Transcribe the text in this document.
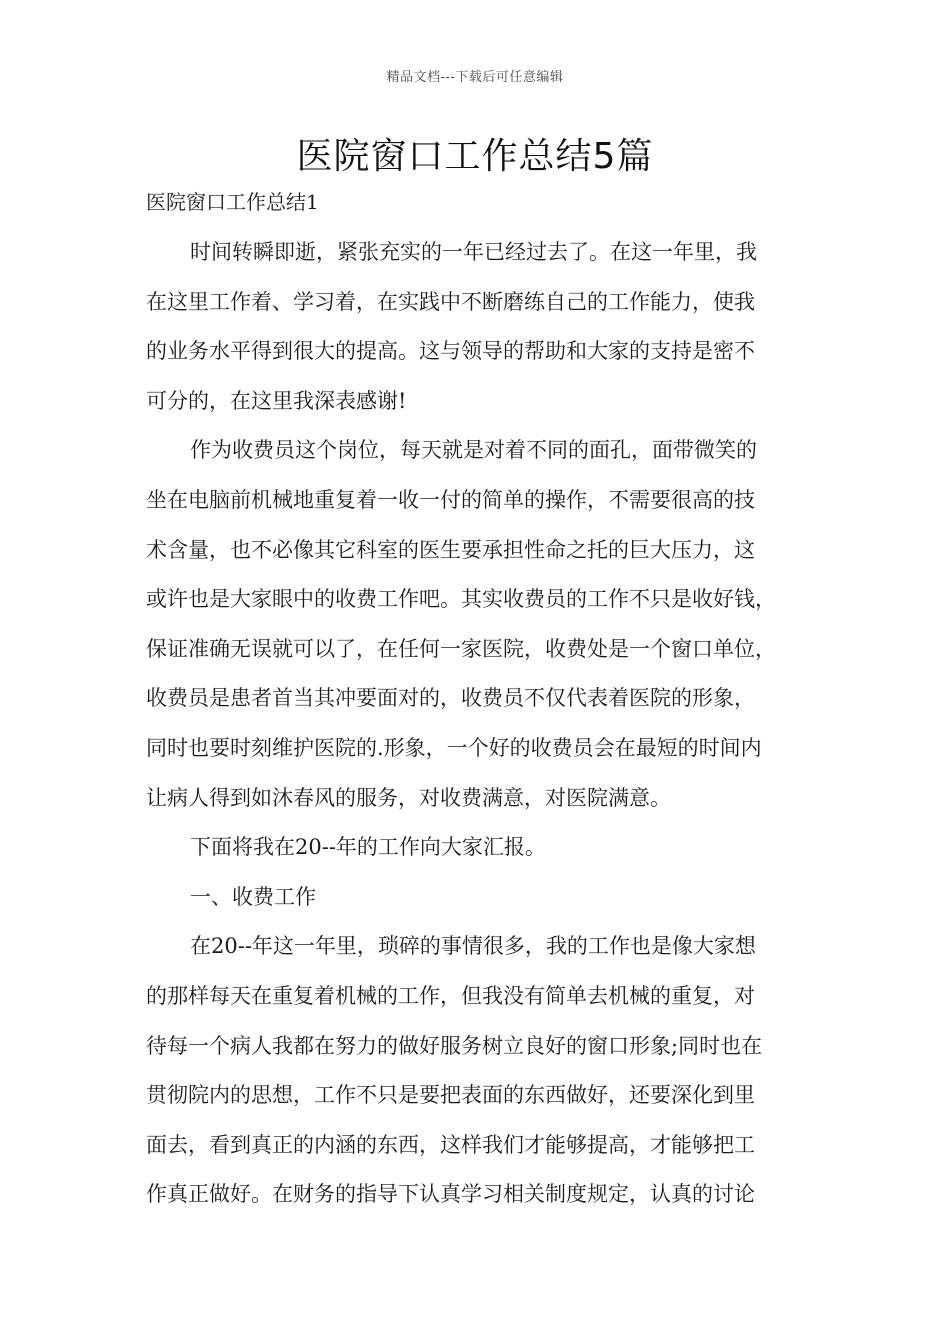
精品文档---下载后可任意编辑
医院窗口工作总结5篇
医院窗口工作总结1

时间转瞬即逝，紧张充实的一年已经过去了。在这一年里，我
在这里工作着、学习着，在实践中不断磨练自己的工作能力，使我
的业务水平得到很大的提高。这与领导的帮助和大家的支持是密不
可分的，在这里我深表感谢!
作为收费员这个岗位，每天就是对着不同的面孔，面带微笑的
坐在电脑前机械地重复着一收一付的简单的操作，不需要很高的技
术含量，也不必像其它科室的医生要承担性命之托的巨大压力，这
或许也是大家眼中的收费工作吧。其实收费员的工作不只是收好钱，
保证准确无误就可以了，在任何一家医院，收费处是一个窗口单位，
收费员是患者首当其冲要面对的，收费员不仅代表着医院的形象，
同时也要时刻维护医院的.形象，一个好的收费员会在最短的时间内
让病人得到如沐春风的服务，对收费满意，对医院满意。
下面将我在20--年的工作向大家汇报。
一、收费工作
在20--年这一年里，琐碎的事情很多，我的工作也是像大家想
的那样每天在重复着机械的工作，但我没有简单去机械的重复，对
待每一个病人我都在努力的做好服务树立良好的窗口形象;同时也在
贯彻院内的思想，工作不只是要把表面的东西做好，还要深化到里
面去，看到真正的内涵的东西，这样我们才能够提高，才能够把工
作真正做好。在财务的指导下认真学习相关制度规定，认真的讨论
